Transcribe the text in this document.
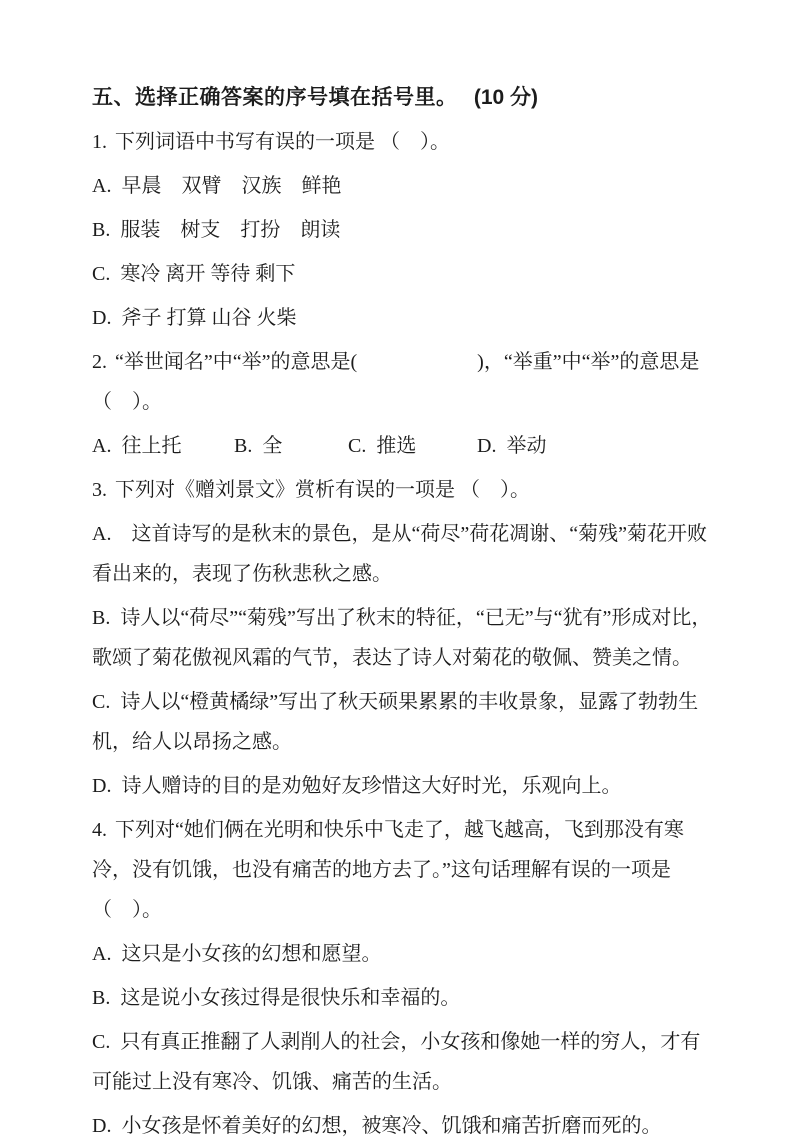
五、选择正确答案的序号填在括号里。 (10 分)

1. 下列词语中书写有误的一项是 （　）。

A. 早晨　双臂　汉族　鲜艳

B. 服装　树支　打扮　朗读

C. 寒冷 离开 等待 剩下

D. 斧子 打算 山谷 火柴

2. “举世闻名”中“举”的意思是(　　　　　　)，“举重”中“举”的意思是 （　）。

A. 往上托	B. 全	C. 推选	D. 举动

3. 下列对《赠刘景文》赏析有误的一项是 （　）。

A. 这首诗写的是秋末的景色，是从“荷尽”荷花凋谢、“菊残”菊花开败看出来的，表现了伤秋悲秋之感。

B. 诗人以“荷尽”“菊残”写出了秋末的特征，“已无”与“犹有”形成对比，歌颂了菊花傲视风霜的气节，表达了诗人对菊花的敬佩、赞美之情。

C. 诗人以“橙黄橘绿”写出了秋天硕果累累的丰收景象，显露了勃勃生机，给人以昂扬之感。

D. 诗人赠诗的目的是劝勉好友珍惜这大好时光，乐观向上。

4. 下列对“她们俩在光明和快乐中飞走了，越飞越高，飞到那没有寒冷，没有饥饿，也没有痛苦的地方去了。”这句话理解有误的一项是 （　）。

A. 这只是小女孩的幻想和愿望。

B. 这是说小女孩过得是很快乐和幸福的。

C. 只有真正推翻了人剥削人的社会，小女孩和像她一样的穷人，才有可能过上没有寒冷、饥饿、痛苦的生活。

D. 小女孩是怀着美好的幻想，被寒冷、饥饿和痛苦折磨而死的。
